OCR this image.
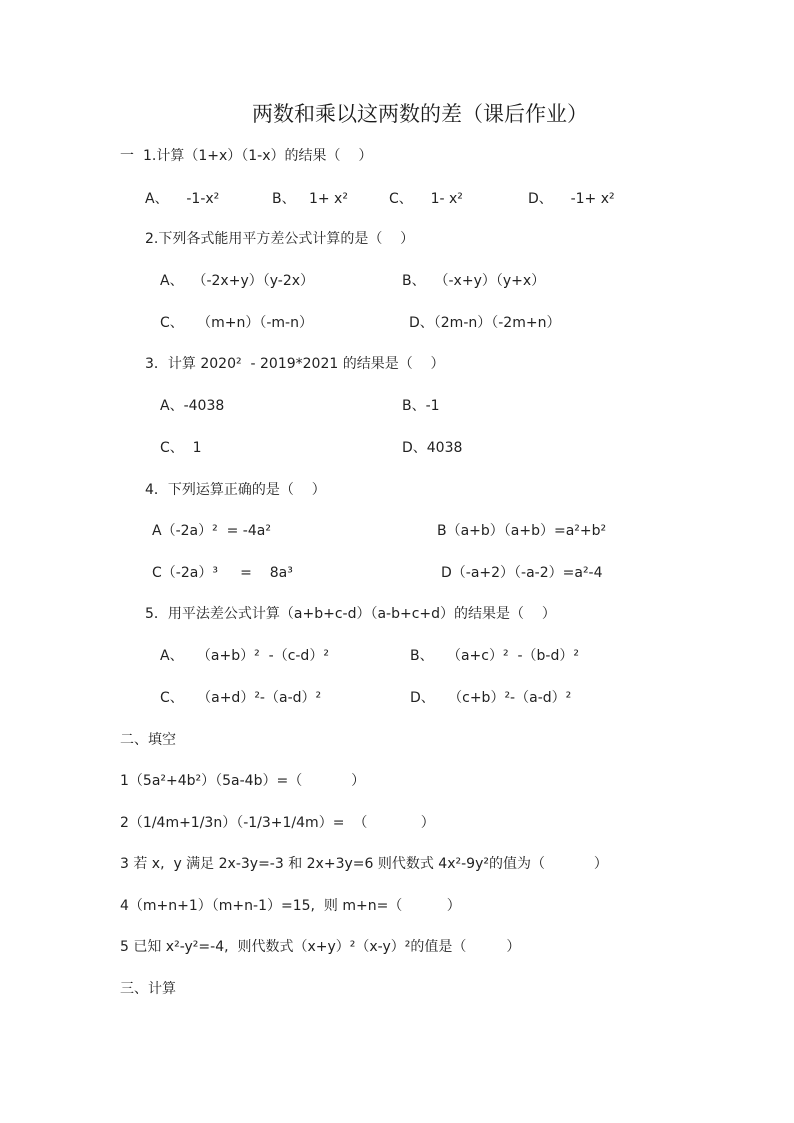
两数和乘以这两数的差（课后作业）
一 1.计算（1+x）（1-x）的结果（    ）
A、    -1-x²	B、   1+ x²	C、    1- x²	D、    -1+ x²
2.下列各式能用平方差公式计算的是（    ）
A、  （-2x+y）（y-2x）	B、  （-x+y）（y+x）
C、   （m+n）（-m-n）	D、（2m-n）（-2m+n）
3．计算 2020²  - 2019*2021 的结果是（    ）
A、-4038	B、-1
C、  1	D、4038
4．下列运算正确的是（    ）
A（-2a）²  = -4a²	B（a+b）（a+b）=a²+b²
C（-2a）³     =    8a³	D（-a+2）（-a-2）=a²-4
5．用平法差公式计算（a+b+c-d）（a-b+c+d）的结果是（    ）
A、   （a+b）²  -（c-d）²	B、   （a+c）²  -（b-d）²
C、   （a+d）²-（a-d）²	D、   （c+b）²-（a-d）²
二、填空
1（5a²+4b²）（5a-4b）=（           ）
2（1/4m+1/3n）（-1/3+1/4m）=  （            ）
3 若 x,  y 满足 2x-3y=-3 和 2x+3y=6 则代数式 4x²-9y²的值为（           ）
4（m+n+1）（m+n-1）=15,  则 m+n=（          ）
5 已知 x²-y²=-4,  则代数式（x+y）²（x-y）²的值是（         ）
三、计算
